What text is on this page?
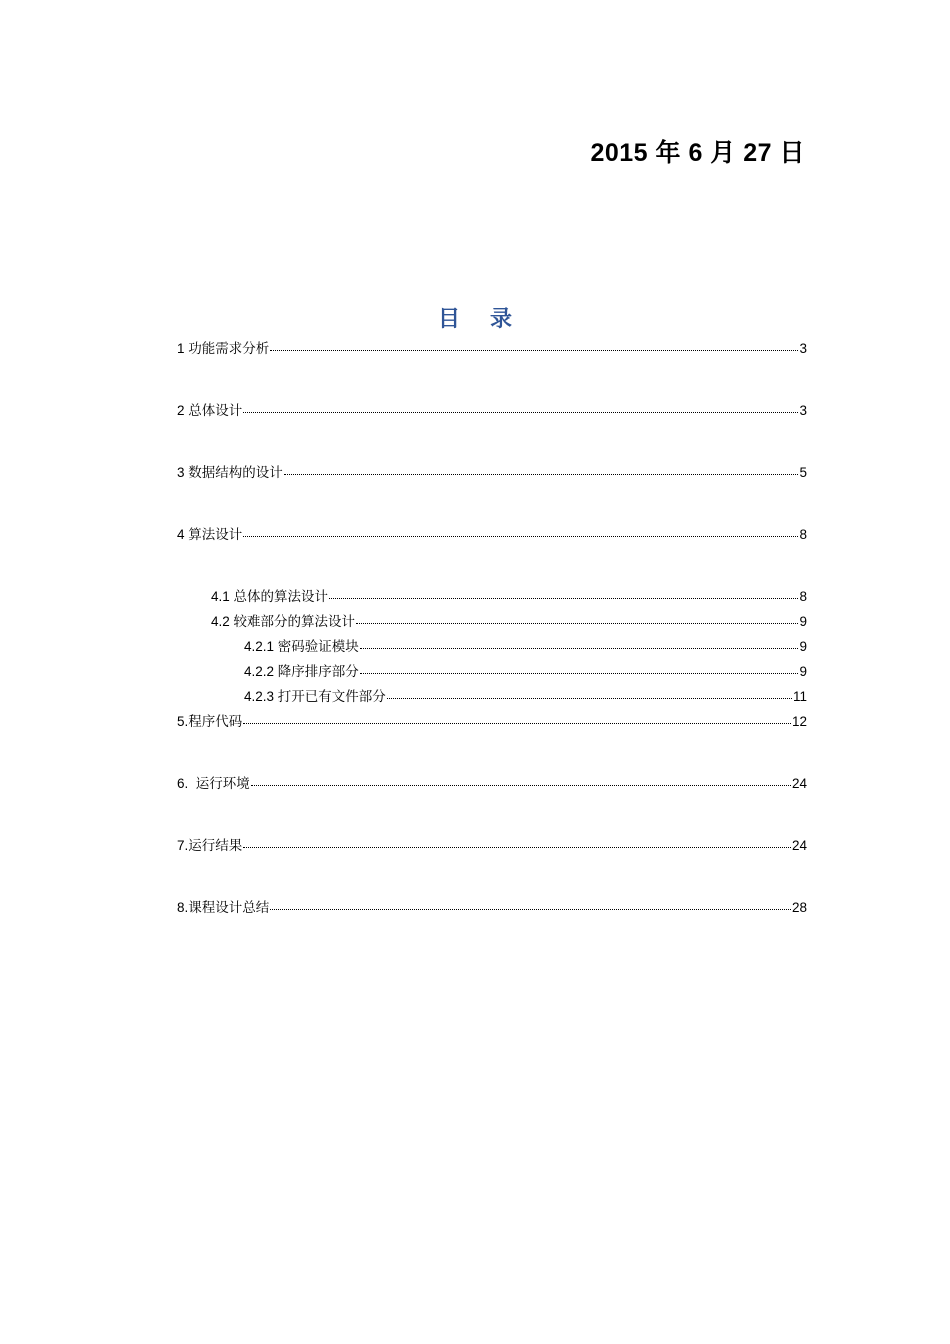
2015 年 6 月 27 日
目 录
1 功能需求分析	3
2 总体设计	3
3 数据结构的设计	5
4 算法设计	8
4.1 总体的算法设计	8
4.2 较难部分的算法设计	9
4.2.1 密码验证模块	9
4.2.2 降序排序部分	9
4.2.3 打开已有文件部分	11
5.程序代码	12
6.  运行环境	24
7.运行结果	24
8.课程设计总结	28
